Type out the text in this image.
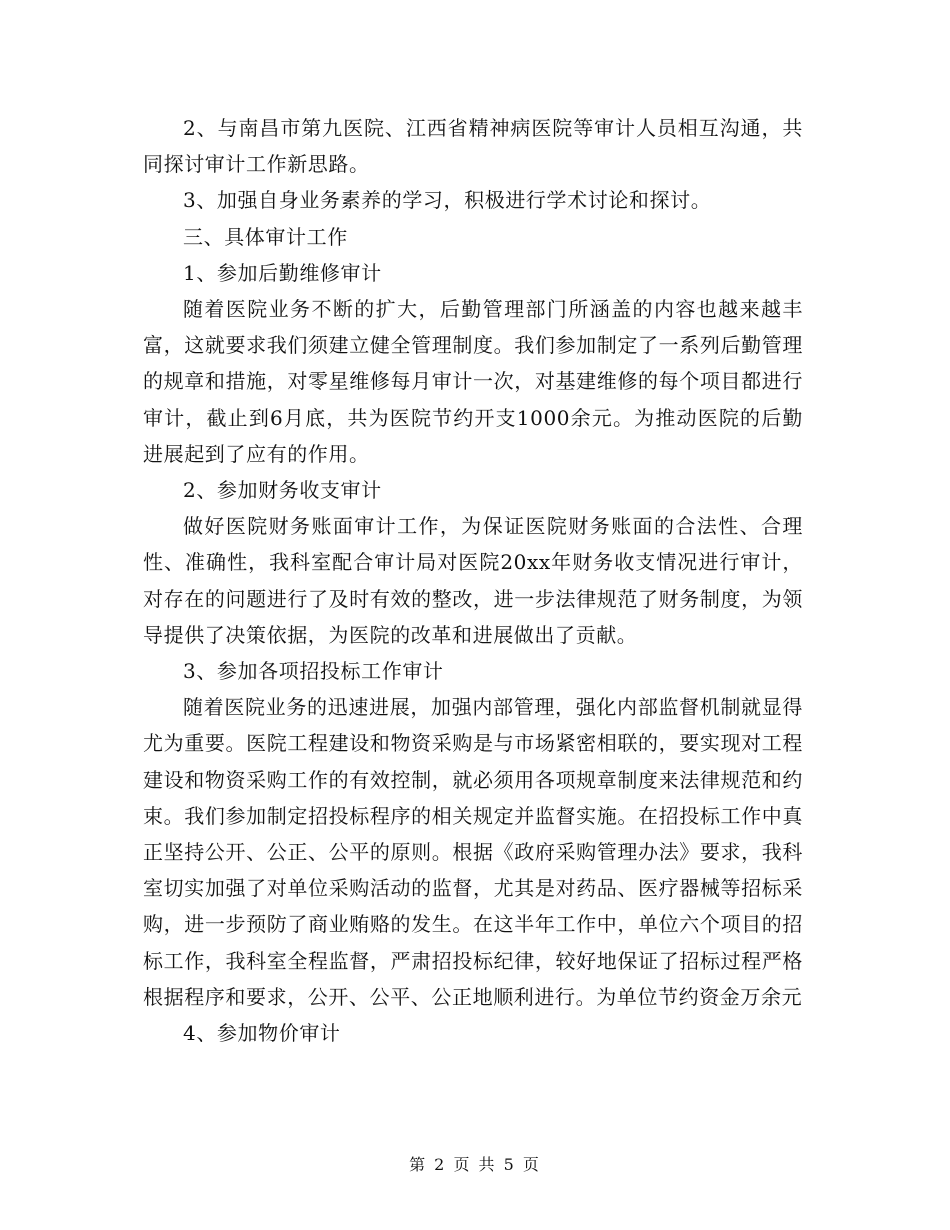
2、与南昌市第九医院、江西省精神病医院等审计人员相互沟通，共同探讨审计工作新思路。

3、加强自身业务素养的学习，积极进行学术讨论和探讨。

三、具体审计工作

1、参加后勤维修审计

随着医院业务不断的扩大，后勤管理部门所涵盖的内容也越来越丰富，这就要求我们须建立健全管理制度。我们参加制定了一系列后勤管理的规章和措施，对零星维修每月审计一次，对基建维修的每个项目都进行审计，截止到6月底，共为医院节约开支1000余元。为推动医院的后勤进展起到了应有的作用。

2、参加财务收支审计

做好医院财务账面审计工作，为保证医院财务账面的合法性、合理性、准确性，我科室配合审计局对医院20xx年财务收支情况进行审计，对存在的问题进行了及时有效的整改，进一步法律规范了财务制度，为领导提供了决策依据，为医院的改革和进展做出了贡献。

3、参加各项招投标工作审计

随着医院业务的迅速进展，加强内部管理，强化内部监督机制就显得尤为重要。医院工程建设和物资采购是与市场紧密相联的，要实现对工程建设和物资采购工作的有效控制，就必须用各项规章制度来法律规范和约束。我们参加制定招投标程序的相关规定并监督实施。在招投标工作中真正坚持公开、公正、公平的原则。根据《政府采购管理办法》要求，我科室切实加强了对单位采购活动的监督，尤其是对药品、医疗器械等招标采购，进一步预防了商业贿赂的发生。在这半年工作中，单位六个项目的招标工作，我科室全程监督，严肃招投标纪律，较好地保证了招标过程严格根据程序和要求，公开、公平、公正地顺利进行。为单位节约资金万余元

4、参加物价审计

第 2 页 共 5 页
